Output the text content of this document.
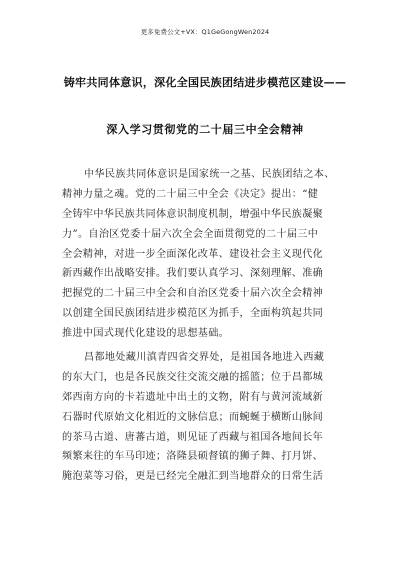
更多免费公文+VX：Q1GeGongWen2024
铸牢共同体意识，深化全国民族团结进步模范区建设——
深入学习贯彻党的二十届三中全会精神
中华民族共同体意识是国家统一之基、民族团结之本、
精神力量之魂。党的二十届三中全会《决定》提出：“健
全铸牢中华民族共同体意识制度机制，增强中华民族凝聚
力”。自治区党委十届六次全会全面贯彻党的二十届三中
全会精神，对进一步全面深化改革、建设社会主义现代化
新西藏作出战略安排。我们要认真学习、深刻理解、准确
把握党的二十届三中全会和自治区党委十届六次全会精神
以创建全国民族团结进步模范区为抓手，全面构筑起共同
推进中国式现代化建设的思想基础。
昌都地处藏川滇青四省交界处，是祖国各地进入西藏
的东大门，也是各民族交往交流交融的摇篮；位于昌都城
郊西南方向的卡若遗址中出土的文物，附有与黄河流域新
石器时代原始文化相近的文脉信息；而蜿蜒于横断山脉间
的茶马古道、唐蕃古道，则见证了西藏与祖国各地间长年
频繁来往的车马印迹；洛隆县硕督镇的狮子舞、打月饼、
腌泡菜等习俗，更是已经完全融汇到当地群众的日常生活
